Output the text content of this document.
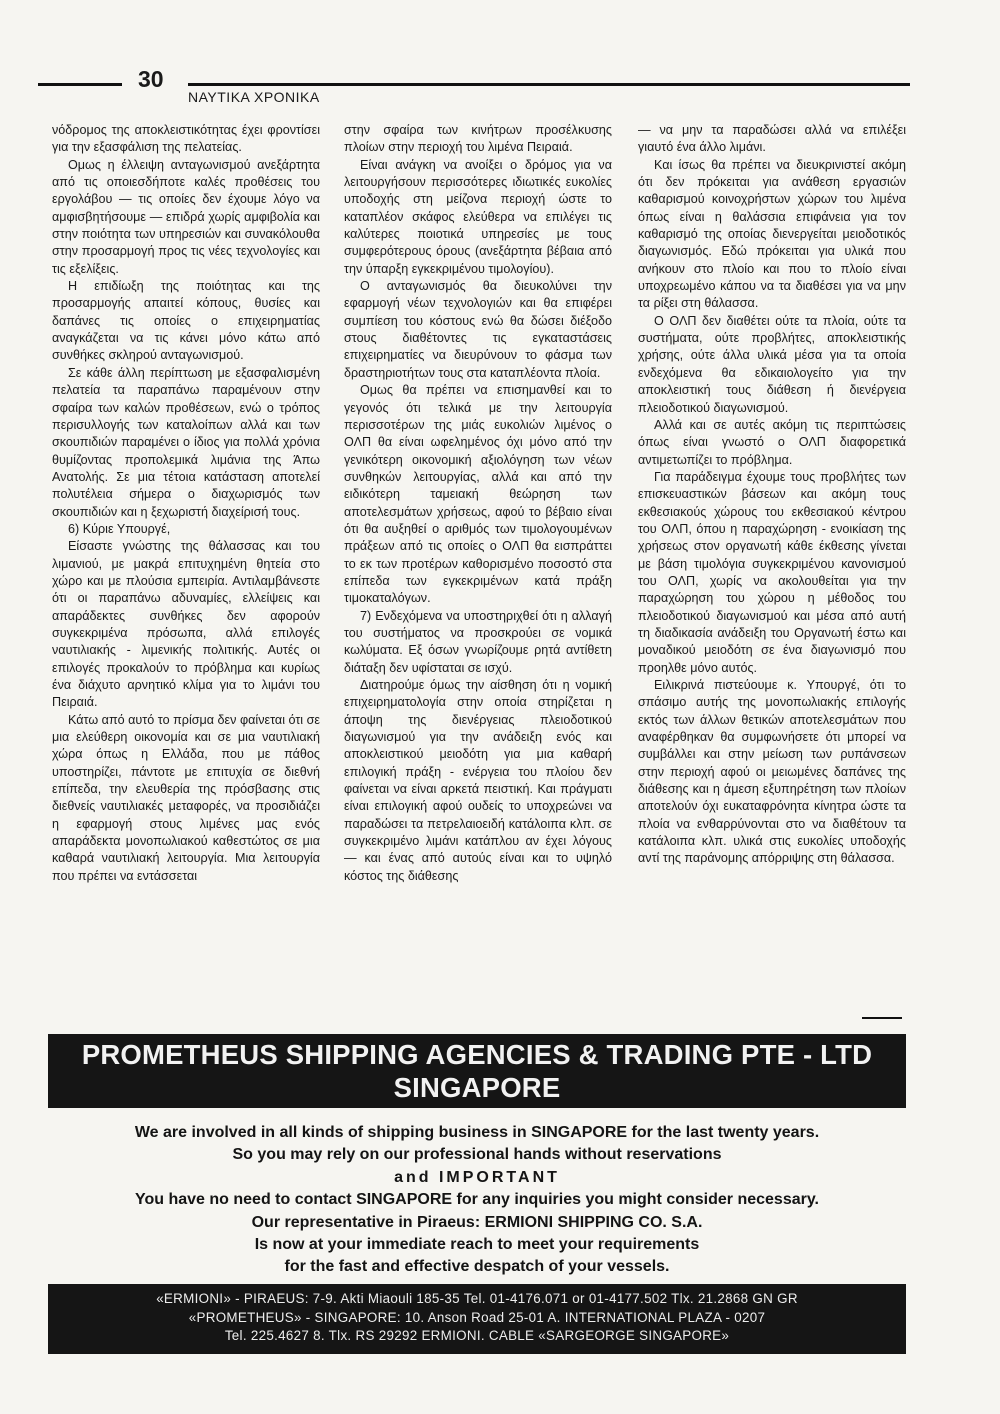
30
ΝΑΥΤΙΚΑ ΧΡΟΝΙΚΑ

νόδρομος της αποκλειστικότητας έχει φροντίσει για την εξασφάλιση της πελατείας.

Ομως η έλλειψη ανταγωνισμού ανεξάρτητα από τις οποιεσδήποτε καλές προθέσεις του εργολάβου — τις οποίες δεν έχουμε λόγο να αμφισβητήσουμε — επιδρά χωρίς αμφιβολία και στην ποιότητα των υπηρεσιών και συνακόλουθα στην προσαρμογή προς τις νέες τεχνολογίες και τις εξελίξεις.

Η επιδίωξη της ποιότητας και της προσαρμογής απαιτεί κόπους, θυσίες και δαπάνες τις οποίες ο επιχειρηματίας αναγκάζεται να τις κάνει μόνο κάτω από συνθήκες σκληρού ανταγωνισμού.

Σε κάθε άλλη περίπτωση με εξασφαλισμένη πελατεία τα παραπάνω παραμένουν στην σφαίρα των καλών προθέσεων, ενώ ο τρόπος περισυλλογής των καταλοίπων αλλά και των σκουπιδιών παραμένει ο ίδιος για πολλά χρόνια θυμίζοντας προπολεμικά λιμάνια της Άπω Ανατολής. Σε μια τέτοια κατάσταση αποτελεί πολυτέλεια σήμερα ο διαχωρισμός των σκουπιδιών και η ξεχωριστή διαχείρισή τους.

6) Κύριε Υπουργέ,

Είσαστε γνώστης της θάλασσας και του λιμανιού, με μακρά επιτυχημένη θητεία στο χώρο και με πλούσια εμπειρία. Αντιλαμβάνεστε ότι οι παραπάνω αδυναμίες, ελλείψεις και απαράδεκτες συνθήκες δεν αφορούν συγκεκριμένα πρόσωπα, αλλά επιλογές ναυτιλιακής - λιμενικής πολιτικής. Αυτές οι επιλογές προκαλούν το πρόβλημα και κυρίως ένα διάχυτο αρνητικό κλίμα για το λιμάνι του Πειραιά.

Κάτω από αυτό το πρίσμα δεν φαίνεται ότι σε μια ελεύθερη οικονομία και σε μια ναυτιλιακή χώρα όπως η Ελλάδα, που με πάθος υποστηρίζει, πάντοτε με επιτυχία σε διεθνή επίπεδα, την ελευθερία της πρόσβασης στις διεθνείς ναυτιλιακές μεταφορές, να προσιδιάζει η εφαρμογή στους λιμένες μας ενός απαράδεκτα μονοπωλιακού καθεστώτος σε μια καθαρά ναυτιλιακή λειτουργία. Μια λειτουργία που πρέπει να εντάσσεται

στην σφαίρα των κινήτρων προσέλκυσης πλοίων στην περιοχή του λιμένα Πειραιά.

Είναι ανάγκη να ανοίξει ο δρόμος για να λειτουργήσουν περισσότερες ιδιωτικές ευκολίες υποδοχής στη μείζονα περιοχή ώστε το καταπλέον σκάφος ελεύθερα να επιλέγει τις καλύτερες ποιοτικά υπηρεσίες με τους συμφερότερους όρους (ανεξάρτητα βέβαια από την ύπαρξη εγκεκριμένου τιμολογίου).

Ο ανταγωνισμός θα διευκολύνει την εφαρμογή νέων τεχνολογιών και θα επιφέρει συμπίεση του κόστους ενώ θα δώσει διέξοδο στους διαθέτοντες τις εγκαταστάσεις επιχειρηματίες να διευρύνουν το φάσμα των δραστηριοτήτων τους στα καταπλέοντα πλοία.

Ομως θα πρέπει να επισημανθεί και το γεγονός ότι τελικά με την λειτουργία περισσοτέρων της μιάς ευκολιών λιμένος ο ΟΛΠ θα είναι ωφελημένος όχι μόνο από την γενικότερη οικονομική αξιολόγηση των νέων συνθηκών λειτουργίας, αλλά και από την ειδικότερη ταμειακή θεώρηση των αποτελεσμάτων χρήσεως, αφού το βέβαιο είναι ότι θα αυξηθεί ο αριθμός των τιμολογουμένων πράξεων από τις οποίες ο ΟΛΠ θα εισπράττει το εκ των προτέρων καθορισμένο ποσοστό στα επίπεδα των εγκεκριμένων κατά πράξη τιμοκαταλόγων.

7) Ενδεχόμενα να υποστηριχθεί ότι η αλλαγή του συστήματος να προσκρούει σε νομικά κωλύματα. Εξ όσων γνωρίζουμε ρητά αντίθετη διάταξη δεν υφίσταται σε ισχύ.

Διατηρούμε όμως την αίσθηση ότι η νομική επιχειρηματολογία στην οποία στηρίζεται η άποψη της διενέργειας πλειοδοτικού διαγωνισμού για την ανάδειξη ενός και αποκλειστικού μειοδότη για μια καθαρή επιλογική πράξη - ενέργεια του πλοίου δεν φαίνεται να είναι αρκετά πειστική. Και πράγματι είναι επιλογική αφού ουδείς το υποχρεώνει να παραδώσει τα πετρελαιοειδή κατάλοιπα κλπ. σε συγκεκριμένο λιμάνι κατάπλου αν έχει λόγους — και ένας από αυτούς είναι και το υψηλό κόστος της διάθεσης

— να μην τα παραδώσει αλλά να επιλέξει γιαυτό ένα άλλο λιμάνι.

Και ίσως θα πρέπει να διευκρινιστεί ακόμη ότι δεν πρόκειται για ανάθεση εργασιών καθαρισμού κοινοχρήστων χώρων του λιμένα όπως είναι η θαλάσσια επιφάνεια για τον καθαρισμό της οποίας διενεργείται μειοδοτικός διαγωνισμός. Εδώ πρόκειται για υλικά που ανήκουν στο πλοίο και που το πλοίο είναι υποχρεωμένο κάπου να τα διαθέσει για να μην τα ρίξει στη θάλασσα.

Ο ΟΛΠ δεν διαθέτει ούτε τα πλοία, ούτε τα συστήματα, ούτε προβλήτες, αποκλειστικής χρήσης, ούτε άλλα υλικά μέσα για τα οποία ενδεχόμενα θα εδικαιολογείτο για την αποκλειστική τους διάθεση ή διενέργεια πλειοδοτικού διαγωνισμού.

Αλλά και σε αυτές ακόμη τις περιπτώσεις όπως είναι γνωστό ο ΟΛΠ διαφορετικά αντιμετωπίζει το πρόβλημα.

Για παράδειγμα έχουμε τους προβλήτες των επισκευαστικών βάσεων και ακόμη τους εκθεσιακούς χώρους του εκθεσιακού κέντρου του ΟΛΠ, όπου η παραχώρηση - ενοικίαση της χρήσεως στον οργανωτή κάθε έκθεσης γίνεται με βάση τιμολόγια συγκεκριμένου κανονισμού του ΟΛΠ, χωρίς να ακολουθείται για την παραχώρηση του χώρου η μέθοδος του πλειοδοτικού διαγωνισμού και μέσα από αυτή τη διαδικασία ανάδειξη του Οργανωτή έστω και μοναδικού μειοδότη σε ένα διαγωνισμό που προηλθε μόνο αυτός.

Ειλικρινά πιστεύουμε κ. Υπουργέ, ότι το σπάσιμο αυτής της μονοπωλιακής επιλογής εκτός των άλλων θετικών αποτελεσμάτων που αναφέρθηκαν θα συμφωνήσετε ότι μπορεί να συμβάλλει και στην μείωση των ρυπάνσεων στην περιοχή αφού οι μειωμένες δαπάνες της διάθεσης και η άμεση εξυπηρέτηση των πλοίων αποτελούν όχι ευκαταφρόνητα κίνητρα ώστε τα πλοία να ενθαρρύνονται στο να διαθέτουν τα κατάλοιπα κλπ. υλικά στις ευκολίες υποδοχής αντί της παράνομης απόρριψης στη θάλασσα.

PROMETHEUS SHIPPING AGENCIES & TRADING PTE - LTD
SINGAPORE
We are involved in all kinds of shipping business in SINGAPORE for the last twenty years.
So you may rely on our professional hands without reservations
and IMPORTANT
You have no need to contact SINGAPORE for any inquiries you might consider necessary.
Our representative in Piraeus: ERMIONI SHIPPING CO. S.A.
Is now at your immediate reach to meet your requirements
for the fast and effective despatch of your vessels.
«ERMIONI» - PIRAEUS: 7-9. Akti Miaouli 185-35 Tel. 01-4176.071 or 01-4177.502 Tlx. 21.2868 GN GR
«PROMETHEUS» - SINGAPORE: 10. Anson Road 25-01 A. INTERNATIONAL PLAZA - 0207
Tel. 225.4627 8. Tlx. RS 29292 ERMIONI. CABLE «SARGEORGE SINGAPORE»
